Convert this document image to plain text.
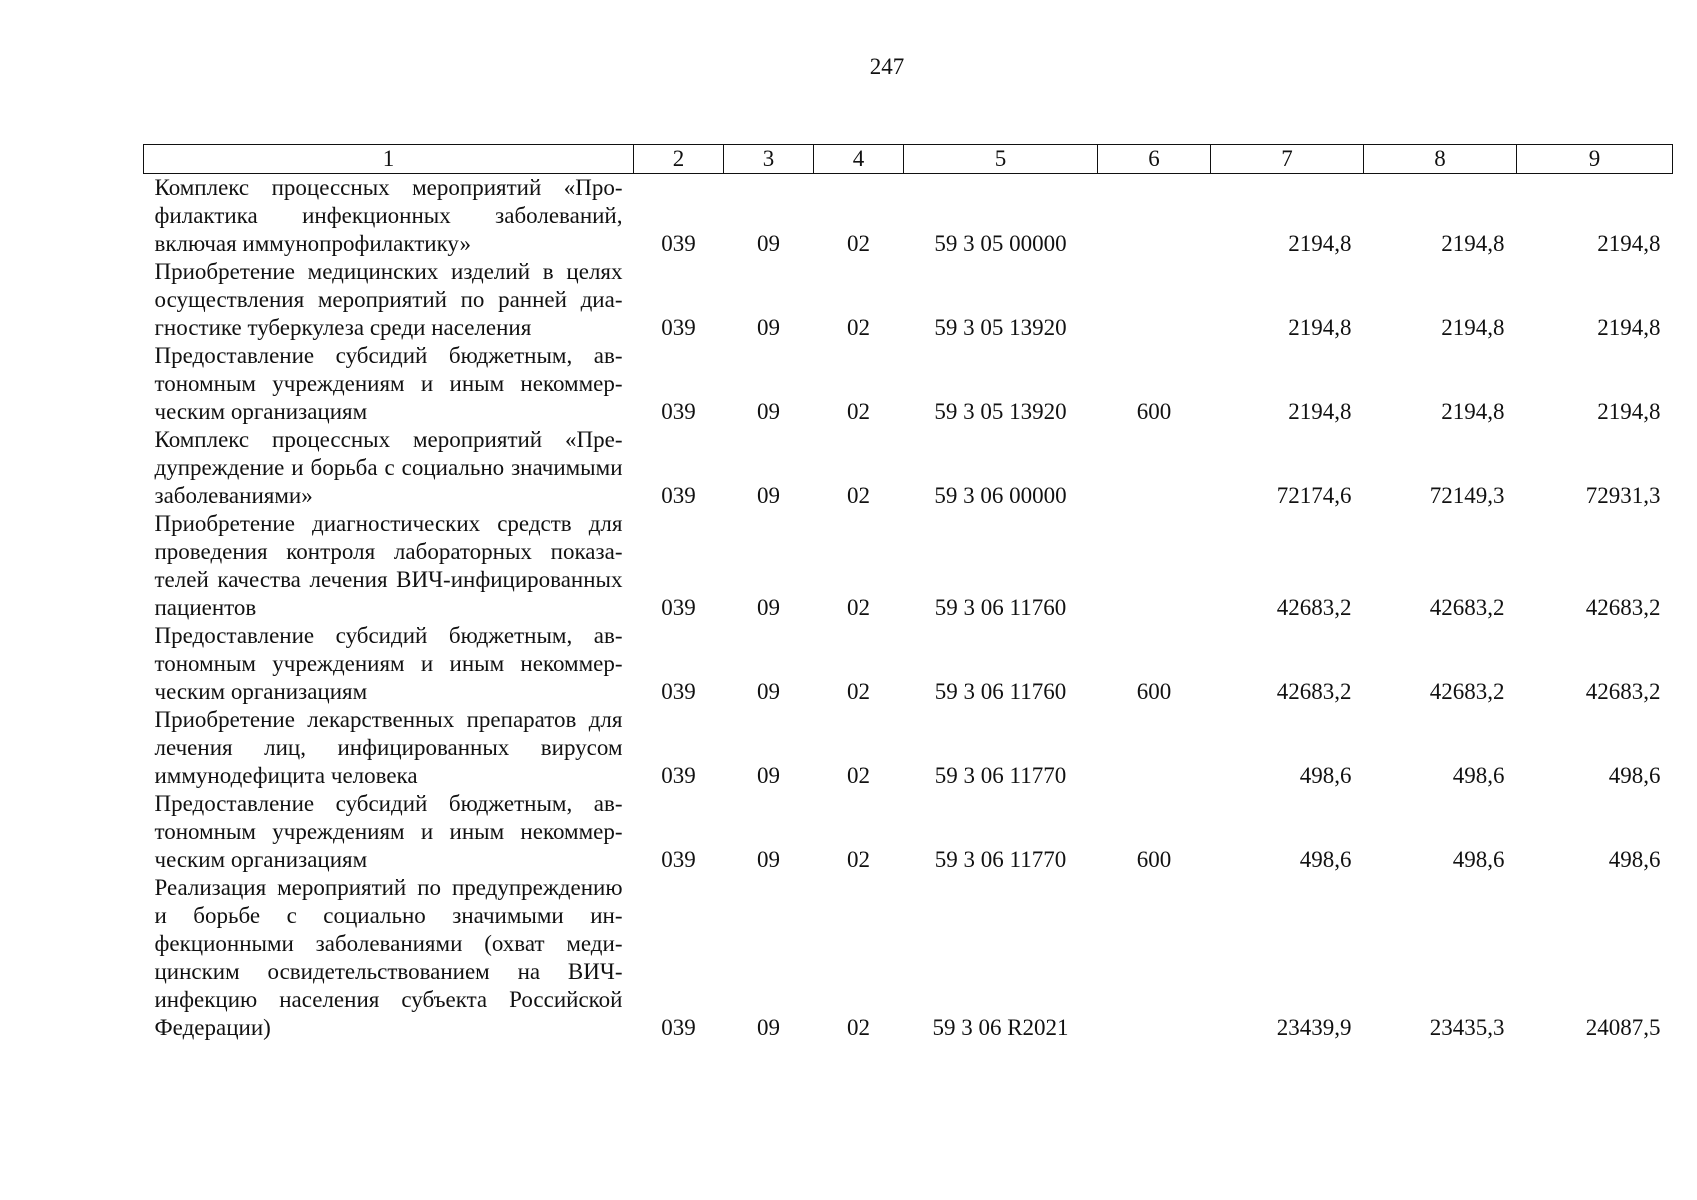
247
1	2	3	4	5	6	7	8	9
Комплекс процессных мероприятий «Профилактика инфекционных заболеваний, включая иммунопрофилактику»	039	09	02	59 3 05 00000		2194,8	2194,8	2194,8
Приобретение медицинских изделий в целях осуществления мероприятий по ранней диагностике туберкулеза среди населения	039	09	02	59 3 05 13920		2194,8	2194,8	2194,8
Предоставление субсидий бюджетным, автономным учреждениям и иным некоммерческим организациям	039	09	02	59 3 05 13920	600	2194,8	2194,8	2194,8
Комплекс процессных мероприятий «Предупреждение и борьба с социально значимыми заболеваниями»	039	09	02	59 3 06 00000		72174,6	72149,3	72931,3
Приобретение диагностических средств для проведения контроля лабораторных показателей качества лечения ВИЧ-инфицированных пациентов	039	09	02	59 3 06 11760		42683,2	42683,2	42683,2
Предоставление субсидий бюджетным, автономным учреждениям и иным некоммерческим организациям	039	09	02	59 3 06 11760	600	42683,2	42683,2	42683,2
Приобретение лекарственных препаратов для лечения лиц, инфицированных вирусом иммунодефицита человека	039	09	02	59 3 06 11770		498,6	498,6	498,6
Предоставление субсидий бюджетным, автономным учреждениям и иным некоммерческим организациям	039	09	02	59 3 06 11770	600	498,6	498,6	498,6
Реализация мероприятий по предупреждению и борьбе с социально значимыми инфекционными заболеваниями (охват медицинским освидетельствованием на ВИЧ-инфекцию населения субъекта Российской Федерации)	039	09	02	59 3 06 R2021		23439,9	23435,3	24087,5
